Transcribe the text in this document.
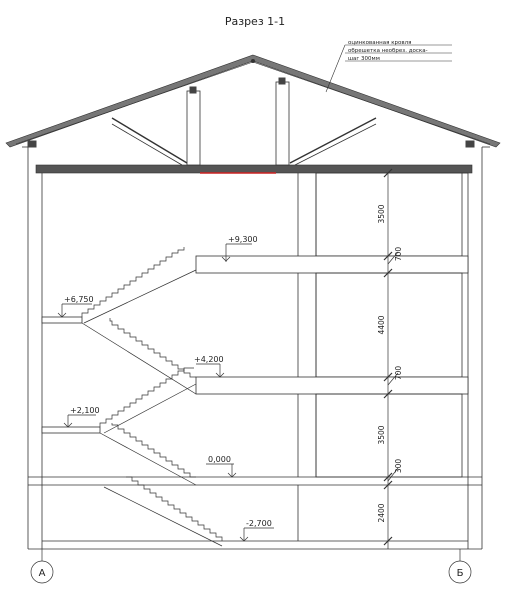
Разрез 1-1
оцинкованная кровля
обрешетка необрез. доска-
шаг 300мм
+9,300
+6,750
+4,200
+2,100
0,000
-2,700
3500
700
4400
700
3500
300
2400
А	Б
